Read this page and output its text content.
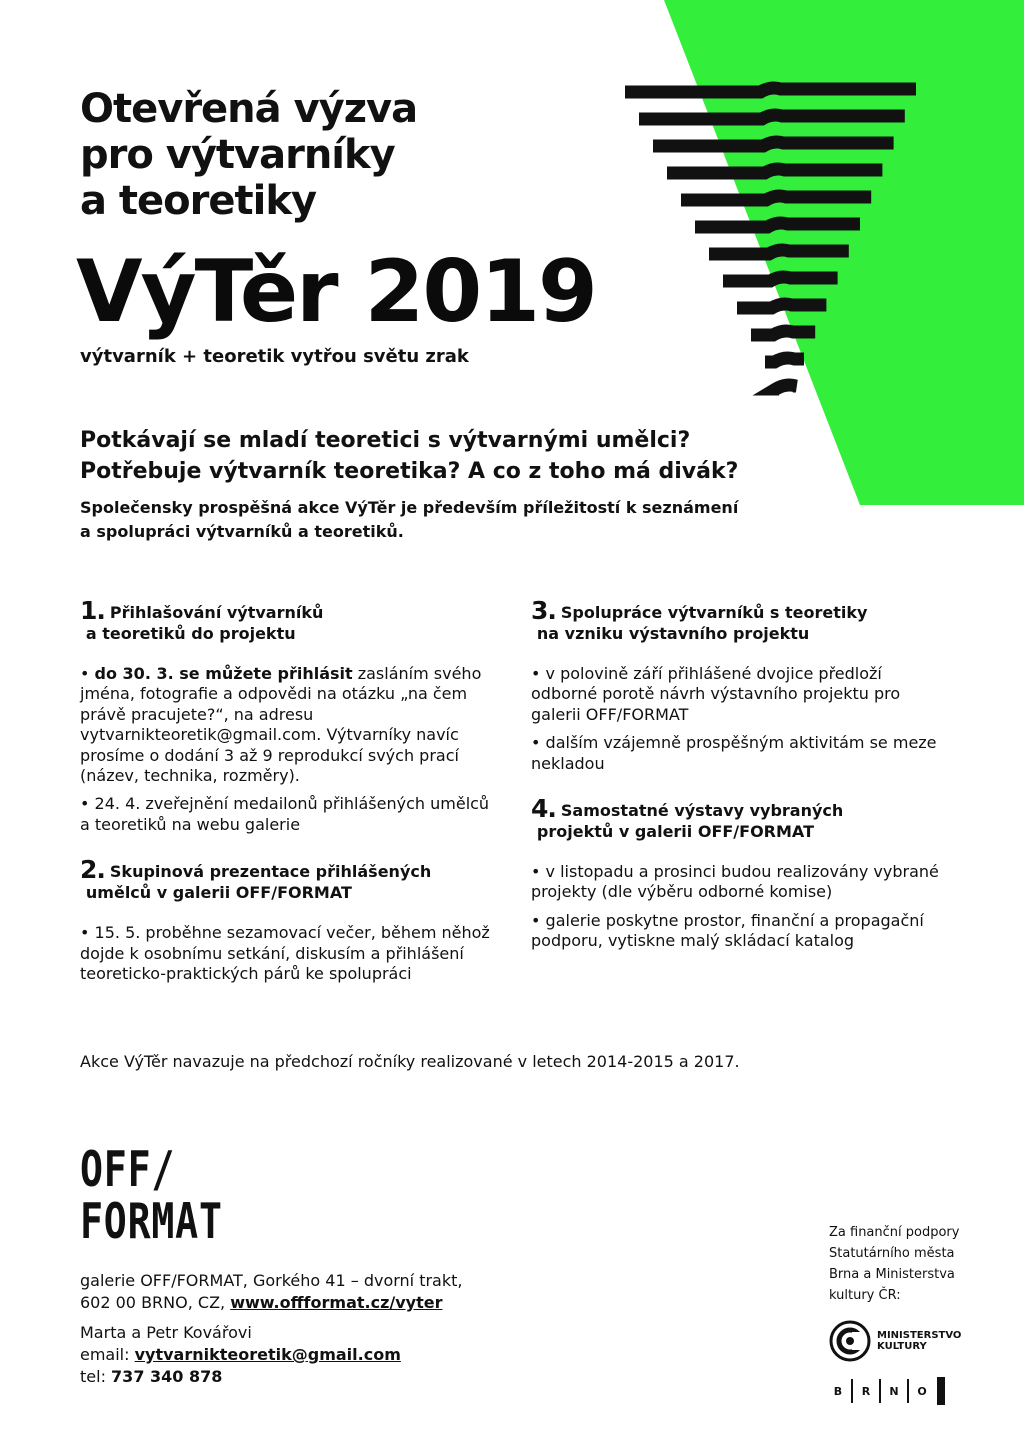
Otevřená výzva
pro výtvarníky
a teoretiky
VýTěr 2019
výtvarník + teoretik vytřou světu zrak
Potkávají se mladí teoretici s výtvarnými umělci?
Potřebuje výtvarník teoretika? A co z toho má divák?
Společensky prospěšná akce VýTěr je především příležitostí k seznámení
a spolupráci výtvarníků a teoretiků.
1. Přihlašování výtvarníků
a teoretiků do projektu
• do 30. 3. se můžete přihlásit zasláním svého jména, fotografie a odpovědi na otázku „na čem právě pracujete?“, na adresu vytvarnikteoretik@gmail.com. Výtvarníky navíc prosíme o dodání 3 až 9 reprodukcí svých prací (název, technika, rozměry).
• 24. 4. zveřejnění medailonů přihlášených umělců a teoretiků na webu galerie
2. Skupinová prezentace přihlášených
umělců v galerii OFF/FORMAT
• 15. 5. proběhne sezamovací večer, během něhož dojde k osobnímu setkání, diskusím a přihlášení teoreticko-praktických párů ke spolupráci
3. Spolupráce výtvarníků s teoretiky
na vzniku výstavního projektu
• v polovině září přihlášené dvojice předloží odborné porotě návrh výstavního projektu pro galerii OFF/FORMAT
• dalším vzájemně prospěšným aktivitám se meze nekladou
4. Samostatné výstavy vybraných
projektů v galerii OFF/FORMAT
• v listopadu a prosinci budou realizovány vybrané projekty (dle výběru odborné komise)
• galerie poskytne prostor, finanční a propagační podporu, vytiskne malý skládací katalog
Akce VýTěr navazuje na předchozí ročníky realizované v letech 2014-2015 a 2017.
OFF/
FORMAT
galerie OFF/FORMAT, Gorkého 41 – dvorní trakt,
602 00 BRNO, CZ, www.offformat.cz/vyter
Marta a Petr Kovářovi
email: vytvarnikteoretik@gmail.com
tel: 737 340 878
Za finanční podpory
Statutárního města
Brna a Ministerstva
kultury ČR:
MINISTERSTVO
KULTURY
B	R	N	O
